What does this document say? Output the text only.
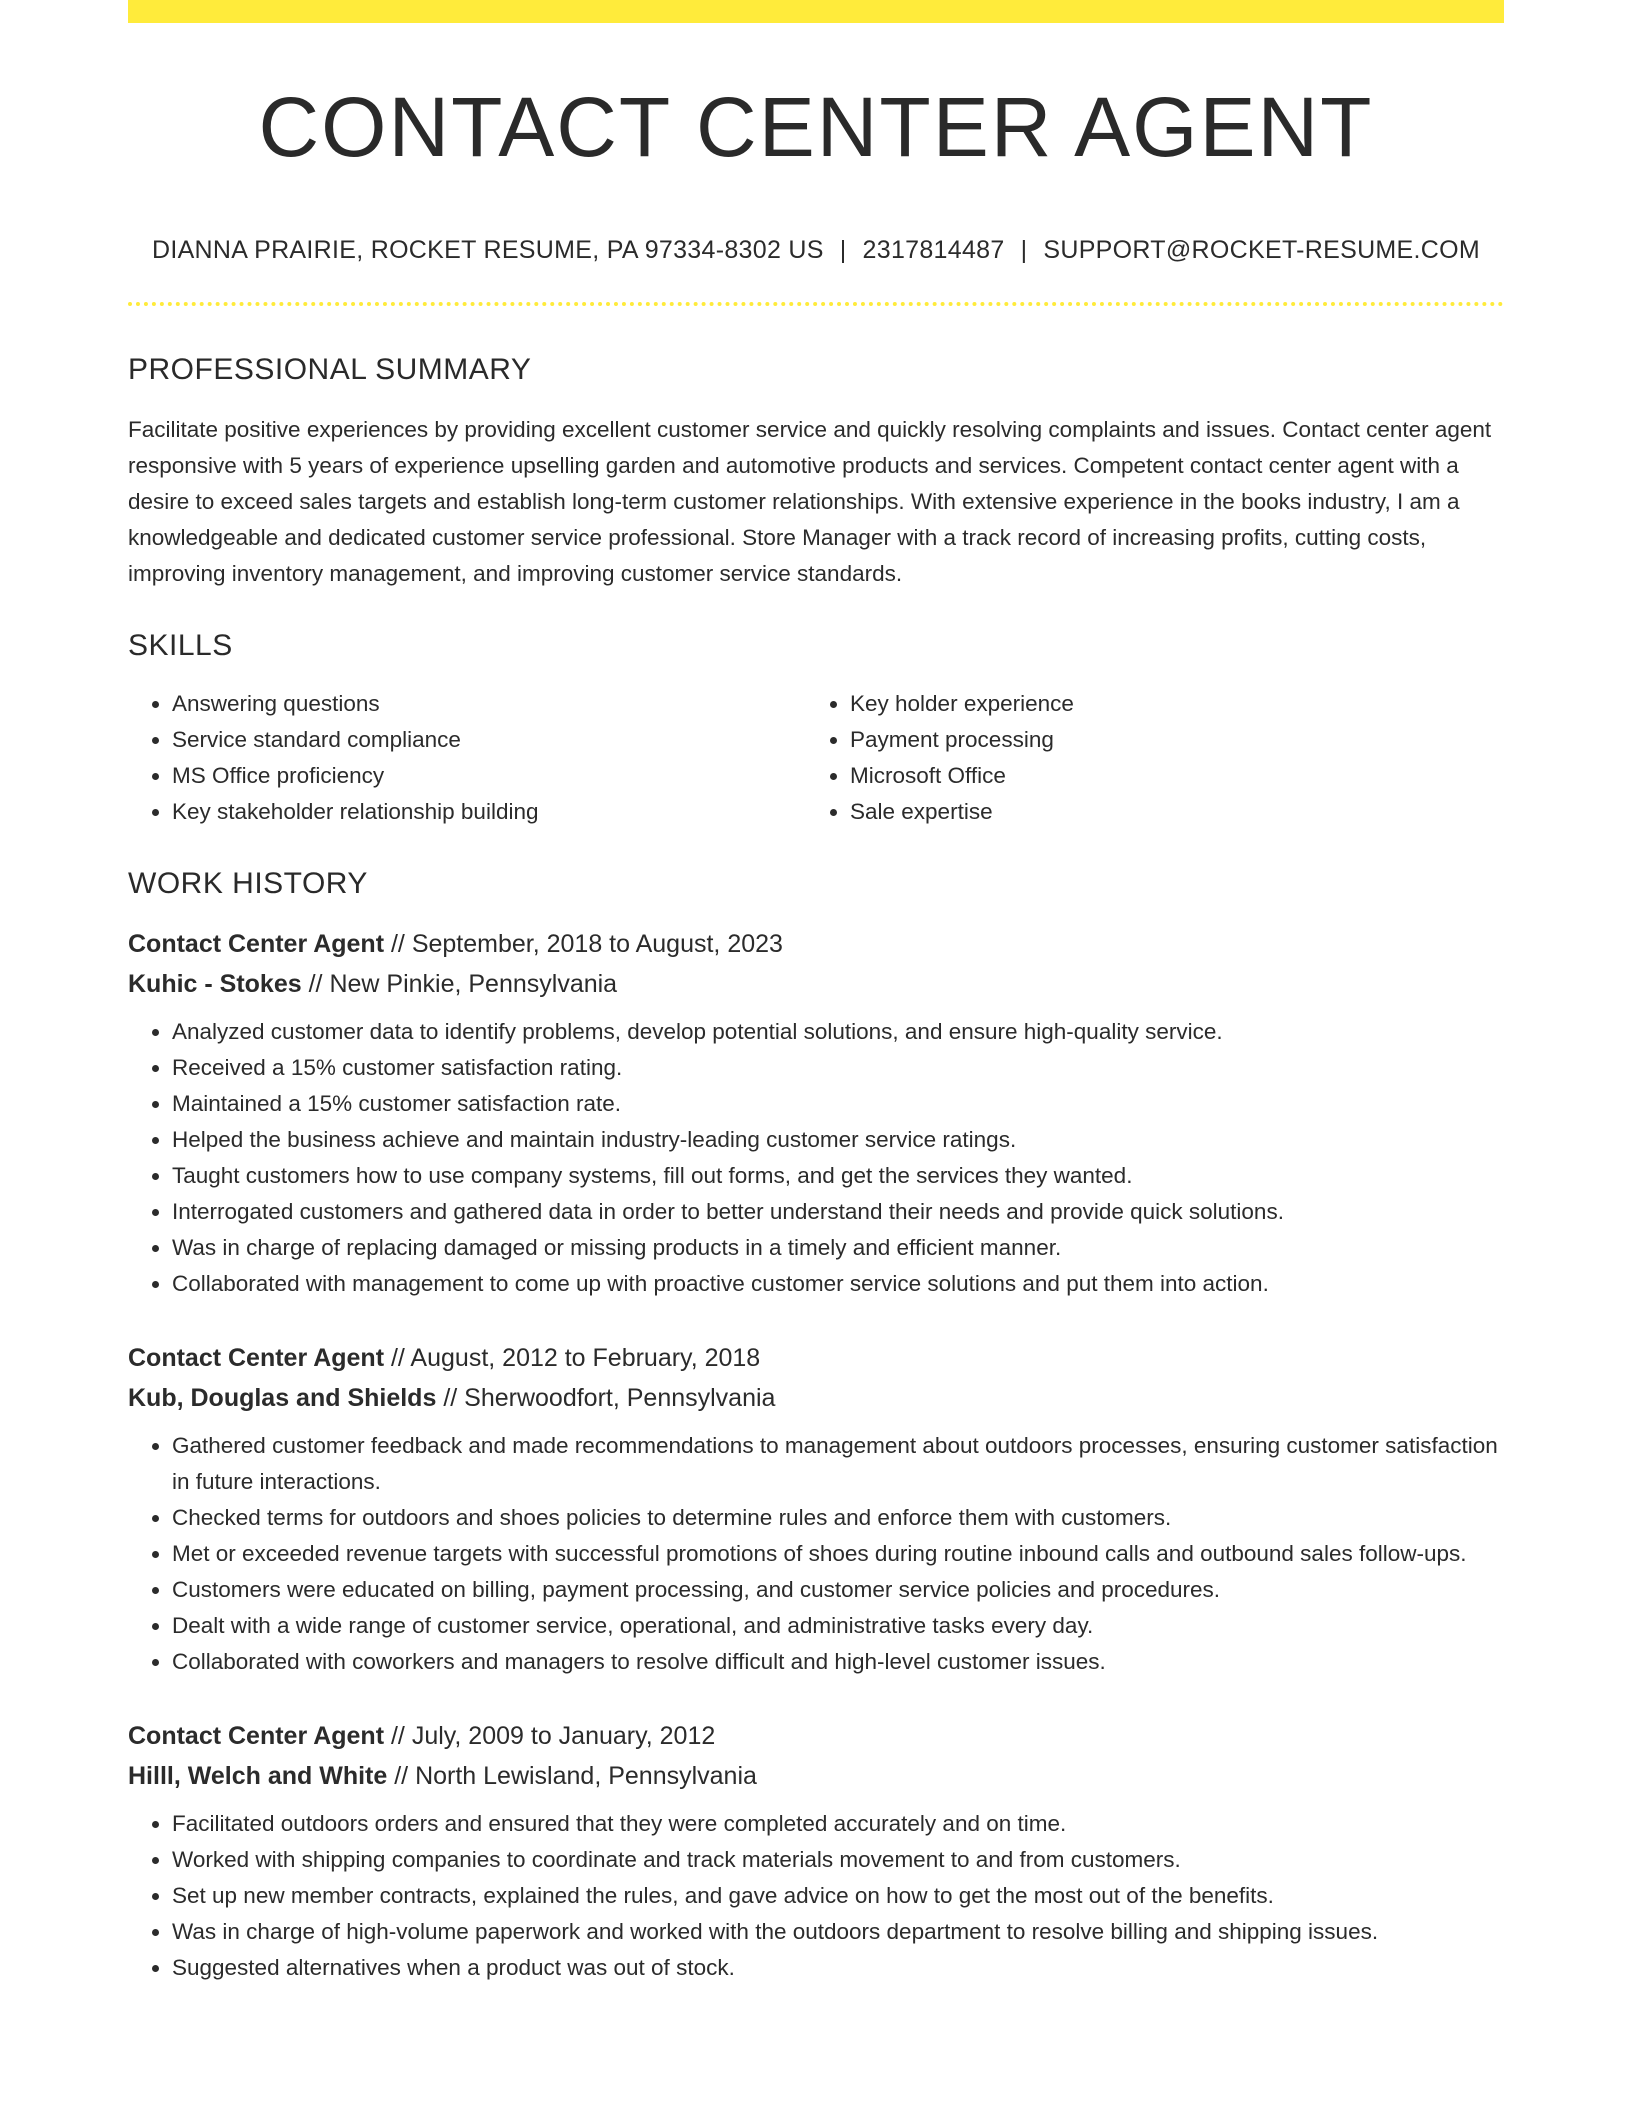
CONTACT CENTER AGENT
DIANNA PRAIRIE, ROCKET RESUME, PA 97334-8302 US | 2317814487 | SUPPORT@ROCKET-RESUME.COM
PROFESSIONAL SUMMARY

Facilitate positive experiences by providing excellent customer service and quickly resolving complaints and issues. Contact center agent responsive with 5 years of experience upselling garden and automotive products and services. Competent contact center agent with a desire to exceed sales targets and establish long-term customer relationships. With extensive experience in the books industry, I am a knowledgeable and dedicated customer service professional. Store Manager with a track record of increasing profits, cutting costs, improving inventory management, and improving customer service standards.

SKILLS
• Answering questions
• Service standard compliance
• MS Office proficiency
• Key stakeholder relationship building
• Key holder experience
• Payment processing
• Microsoft Office
• Sale expertise
WORK HISTORY
Contact Center Agent // September, 2018 to August, 2023
Kuhic - Stokes // New Pinkie, Pennsylvania
• Analyzed customer data to identify problems, develop potential solutions, and ensure high-quality service.
• Received a 15% customer satisfaction rating.
• Maintained a 15% customer satisfaction rate.
• Helped the business achieve and maintain industry-leading customer service ratings.
• Taught customers how to use company systems, fill out forms, and get the services they wanted.
• Interrogated customers and gathered data in order to better understand their needs and provide quick solutions.
• Was in charge of replacing damaged or missing products in a timely and efficient manner.
• Collaborated with management to come up with proactive customer service solutions and put them into action.
Contact Center Agent // August, 2012 to February, 2018
Kub, Douglas and Shields // Sherwoodfort, Pennsylvania
• Gathered customer feedback and made recommendations to management about outdoors processes, ensuring customer satisfaction in future interactions.
• Checked terms for outdoors and shoes policies to determine rules and enforce them with customers.
• Met or exceeded revenue targets with successful promotions of shoes during routine inbound calls and outbound sales follow-ups.
• Customers were educated on billing, payment processing, and customer service policies and procedures.
• Dealt with a wide range of customer service, operational, and administrative tasks every day.
• Collaborated with coworkers and managers to resolve difficult and high-level customer issues.
Contact Center Agent // July, 2009 to January, 2012
Hilll, Welch and White // North Lewisland, Pennsylvania
• Facilitated outdoors orders and ensured that they were completed accurately and on time.
• Worked with shipping companies to coordinate and track materials movement to and from customers.
• Set up new member contracts, explained the rules, and gave advice on how to get the most out of the benefits.
• Was in charge of high-volume paperwork and worked with the outdoors department to resolve billing and shipping issues.
• Suggested alternatives when a product was out of stock.
